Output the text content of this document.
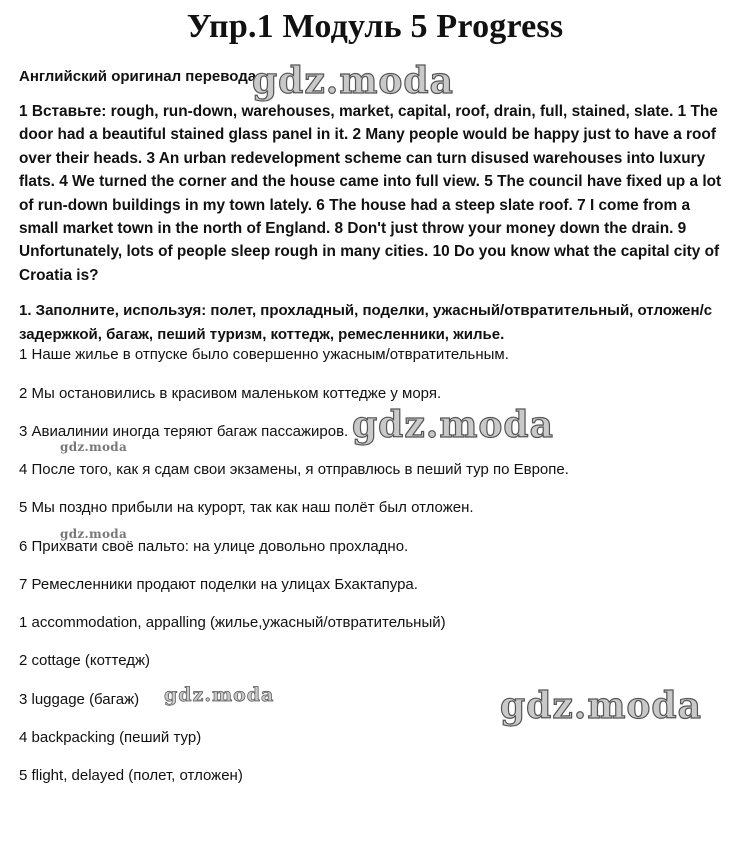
Упр.1 Модуль 5 Progress

Английский оригинал перевода:

1 Вставьте: rough, run-down, warehouses, market, capital, roof, drain, full, stained, slate. 1 The door had a beautiful stained glass panel in it. 2 Many people would be happy just to have a roof over their heads. 3 An urban redevelopment scheme can turn disused warehouses into luxury flats. 4 We turned the corner and the house came into full view. 5 The council have fixed up a lot of run-down buildings in my town lately. 6 The house had a steep slate roof. 7 I come from a small market town in the north of England. 8 Don't just throw your money down the drain. 9 Unfortunately, lots of people sleep rough in many cities. 10 Do you know what the capital city of Croatia is?

1. Заполните, используя: полет, прохладный, поделки, ужасный/отвратительный, отложен/с задержкой, багаж, пеший туризм, коттедж, ремесленники, жилье.

1 Наше жилье в отпуске было совершенно ужасным/отвратительным.

2 Мы остановились в красивом маленьком коттедже у моря.

3 Авиалинии иногда теряют багаж пассажиров.

4 После того, как я сдам свои экзамены, я отправлюсь в пеший тур по Европе.

5 Мы поздно прибыли на курорт, так как наш полёт был отложен.

6 Прихвати своё пальто: на улице довольно прохладно.

7 Ремесленники продают поделки на улицах Бхактапура.

1 accommodation, appalling (жилье,ужасный/отвратительный)

2 cottage (коттедж)

3 luggage (багаж)

4 backpacking (пеший тур)

5 flight, delayed (полет, отложен)

gdz.moda
gdz.moda
gdz.moda
gdz.moda
gdz.moda	gdz.moda
